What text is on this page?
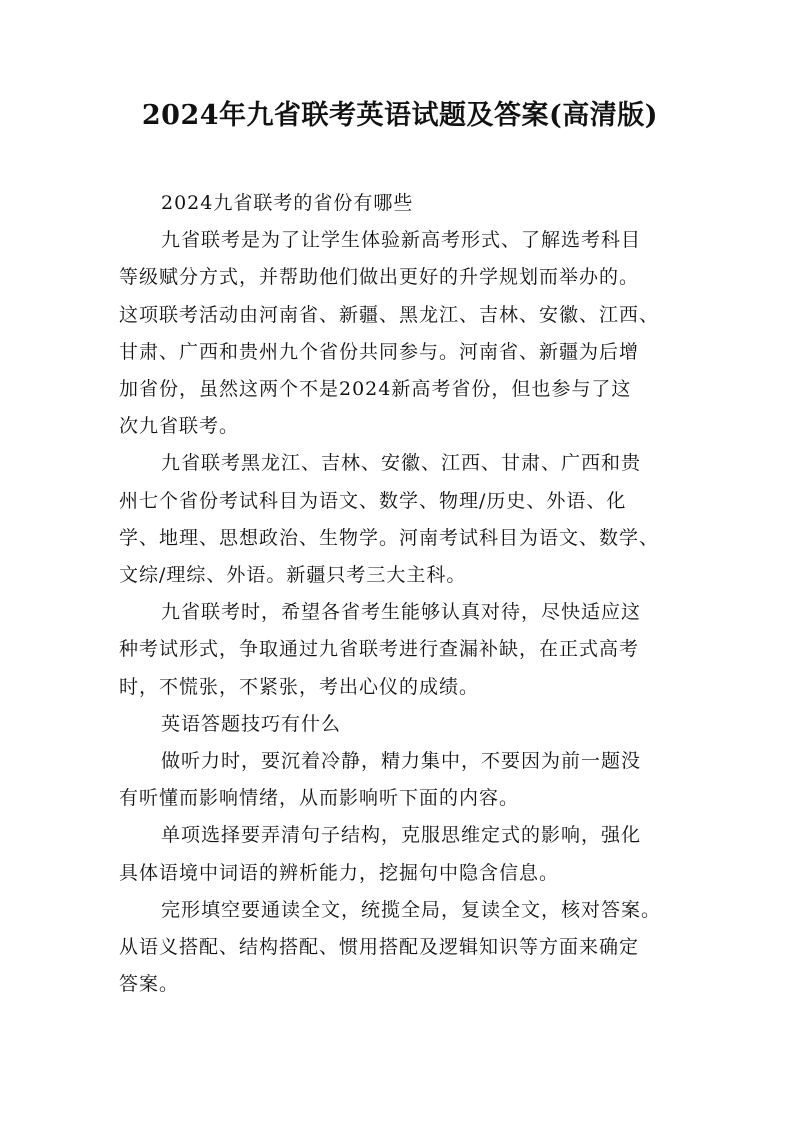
2024年九省联考英语试题及答案(高清版)

2024九省联考的省份有哪些

九省联考是为了让学生体验新高考形式、了解选考科目
等级赋分方式，并帮助他们做出更好的升学规划而举办的。
这项联考活动由河南省、新疆、黑龙江、吉林、安徽、江西、
甘肃、广西和贵州九个省份共同参与。河南省、新疆为后增
加省份，虽然这两个不是2024新高考省份，但也参与了这
次九省联考。

九省联考黑龙江、吉林、安徽、江西、甘肃、广西和贵
州七个省份考试科目为语文、数学、物理/历史、外语、化
学、地理、思想政治、生物学。河南考试科目为语文、数学、
文综/理综、外语。新疆只考三大主科。

九省联考时，希望各省考生能够认真对待，尽快适应这
种考试形式，争取通过九省联考进行查漏补缺，在正式高考
时，不慌张，不紧张，考出心仪的成绩。

英语答题技巧有什么

做听力时，要沉着冷静，精力集中，不要因为前一题没
有听懂而影响情绪，从而影响听下面的内容。

单项选择要弄清句子结构，克服思维定式的影响，强化
具体语境中词语的辨析能力，挖掘句中隐含信息。

完形填空要通读全文，统揽全局，复读全文，核对答案。
从语义搭配、结构搭配、惯用搭配及逻辑知识等方面来确定
答案。
